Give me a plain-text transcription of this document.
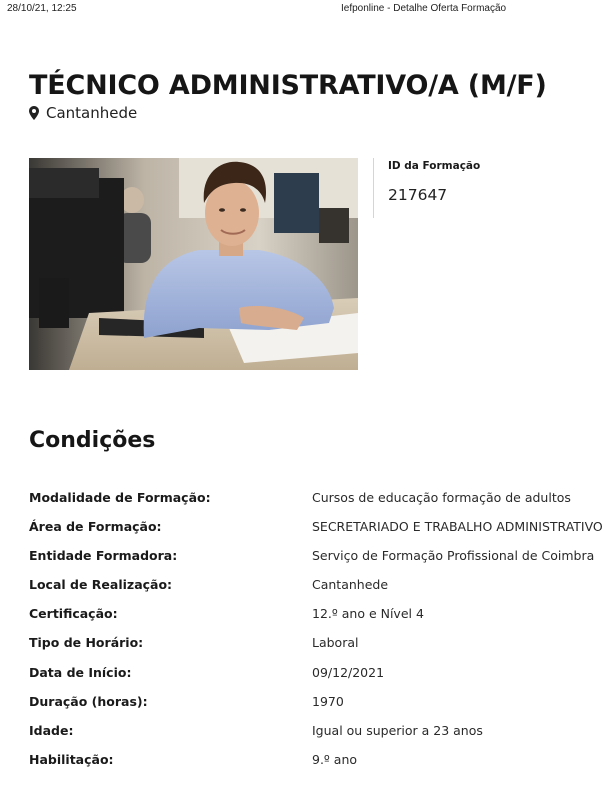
28/10/21, 12:25	Iefponline - Detalhe Oferta Formação
TÉCNICO ADMINISTRATIVO/A (M/F)
Cantanhede
ID da Formação
217647
Condições
Modalidade de Formação:	Cursos de educação formação de adultos
Área de Formação:	SECRETARIADO E TRABALHO ADMINISTRATIVO
Entidade Formadora:	Serviço de Formação Profissional de Coimbra
Local de Realização:	Cantanhede
Certificação:	12.º ano e Nível 4
Tipo de Horário:	Laboral
Data de Início:	09/12/2021
Duração (horas):	1970
Idade:	Igual ou superior a 23 anos
Habilitação:	9.º ano
